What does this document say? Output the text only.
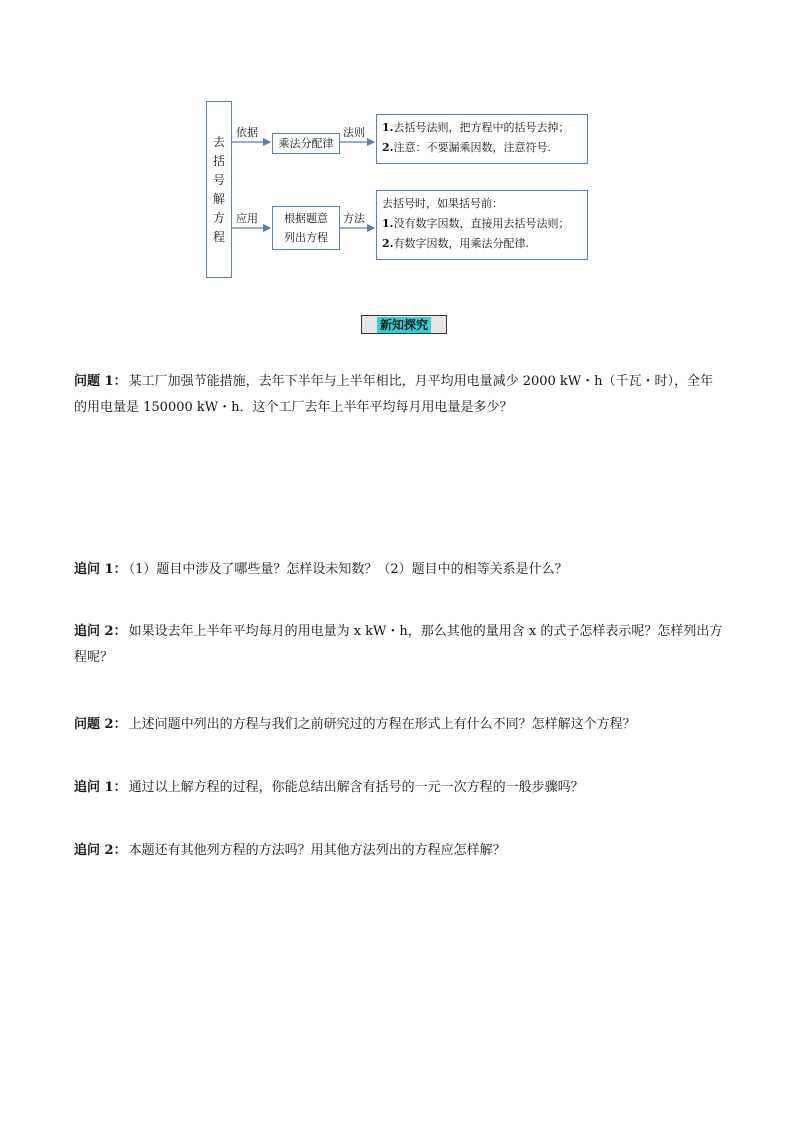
去
括
号
解
方
程
依据
应用
乘法分配律
根据题意
列出方程
法则
方法
1.去括号法则，把方程中的括号去掉；
2.注意：不要漏乘因数，注意符号.
去括号时，如果括号前：
1.没有数字因数，直接用去括号法则；
2.有数字因数，用乘法分配律.
新知探究
问题 1： 某工厂加强节能措施，去年下半年与上半年相比，月平均用电量减少 2000 kW・h（千瓦・时），全年的用电量是 150000 kW・h．这个工厂去年上半年平均每月用电量是多少？
追问 1： （1）题目中涉及了哪些量？怎样设未知数？（2）题目中的相等关系是什么？
追问 2： 如果设去年上半年平均每月的用电量为 x kW・h，那么其他的量用含 x 的式子怎样表示呢？怎样列出方程呢？
问题 2： 上述问题中列出的方程与我们之前研究过的方程在形式上有什么不同？怎样解这个方程？
追问 1： 通过以上解方程的过程，你能总结出解含有括号的一元一次方程的一般步骤吗？
追问 2： 本题还有其他列方程的方法吗？用其他方法列出的方程应怎样解？
